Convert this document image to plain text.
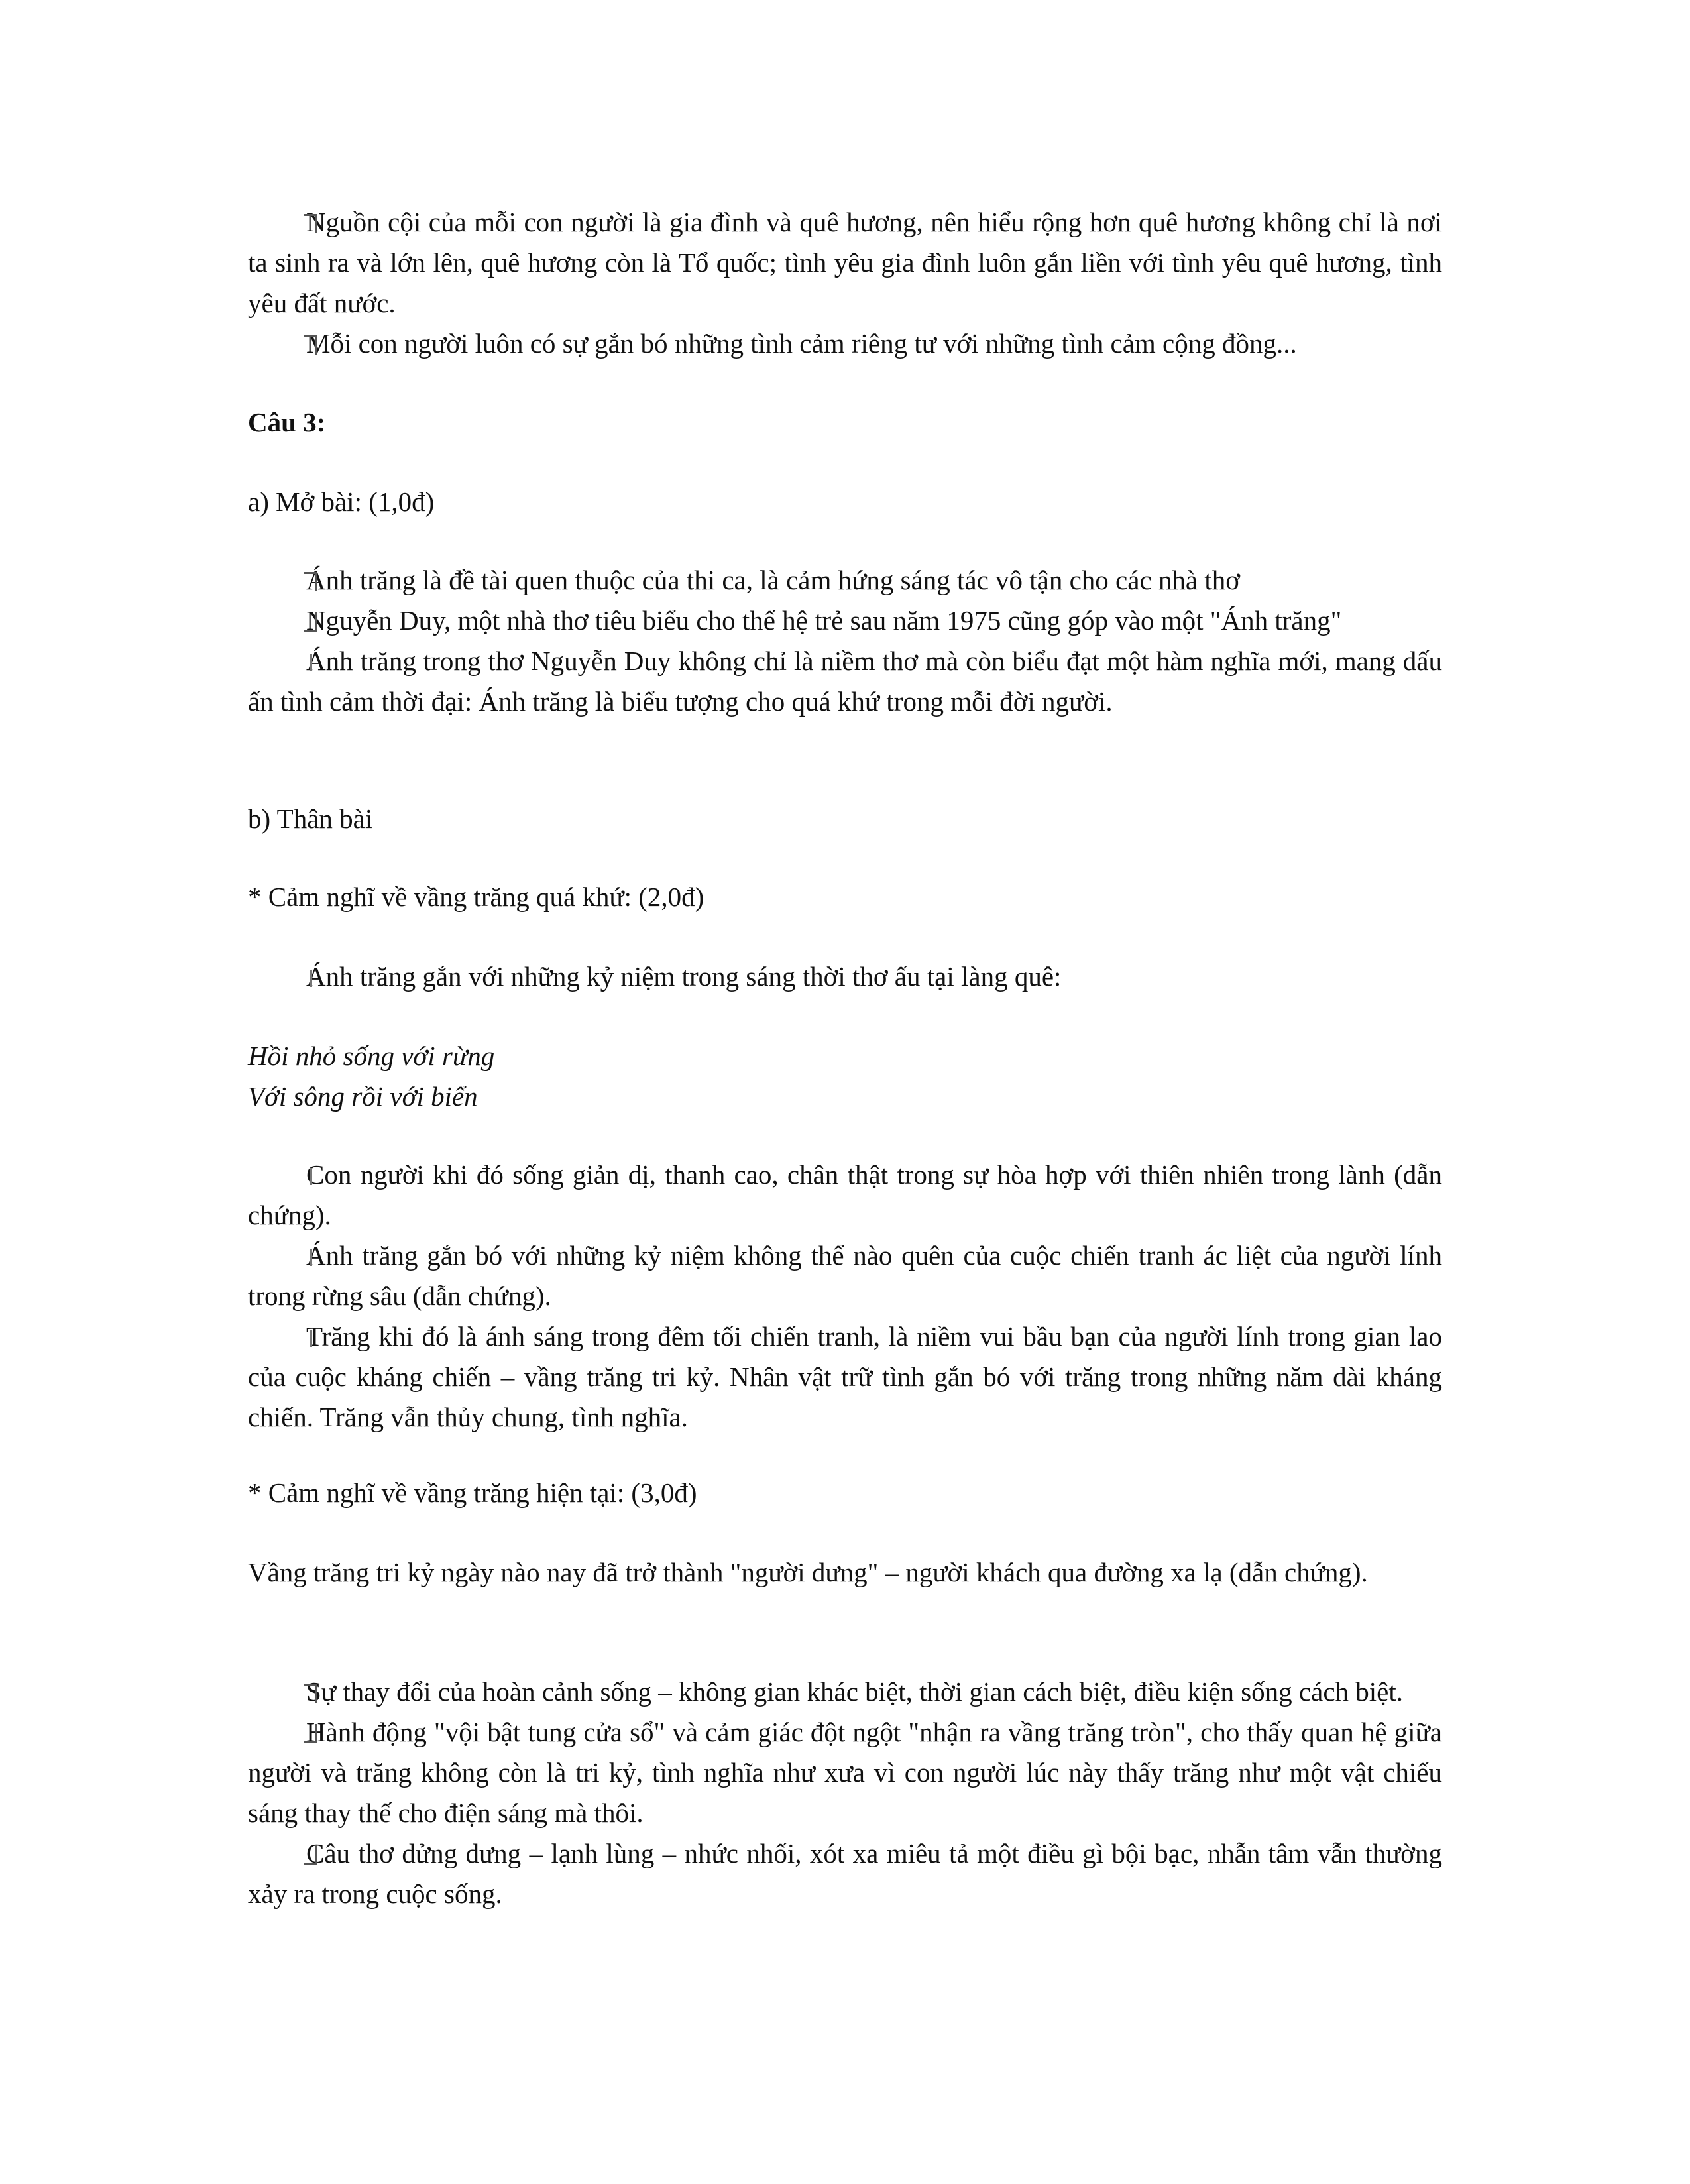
Nguồn cội của mỗi con người là gia đình và quê hương, nên hiểu rộng hơn quê hương không chỉ là nơi ta sinh ra và lớn lên, quê hương còn là Tổ quốc; tình yêu gia đình luôn gắn liền với tình yêu quê hương, tình yêu đất nước.

Mỗi con người luôn có sự gắn bó những tình cảm riêng tư với những tình cảm cộng đồng...

Câu 3:

a) Mở bài: (1,0đ)

Ánh trăng là đề tài quen thuộc của thi ca, là cảm hứng sáng tác vô tận cho các nhà thơ

Nguyễn Duy, một nhà thơ tiêu biểu cho thế hệ trẻ sau năm 1975 cũng góp vào một "Ánh trăng"

Ánh trăng trong thơ Nguyễn Duy không chỉ là niềm thơ mà còn biểu đạt một hàm nghĩa mới, mang dấu ấn tình cảm thời đại: Ánh trăng là biểu tượng cho quá khứ trong mỗi đời người.

b) Thân bài

* Cảm nghĩ về vầng trăng quá khứ: (2,0đ)

Ánh trăng gắn với những kỷ niệm trong sáng thời thơ ấu tại làng quê:

Hồi nhỏ sống với rừng

Với sông rồi với biển

Con người khi đó sống giản dị, thanh cao, chân thật trong sự hòa hợp với thiên nhiên trong lành (dẫn chứng).

Ánh trăng gắn bó với những kỷ niệm không thể nào quên của cuộc chiến tranh ác liệt của người lính trong rừng sâu (dẫn chứng).

Trăng khi đó là ánh sáng trong đêm tối chiến tranh, là niềm vui bầu bạn của người lính trong gian lao của cuộc kháng chiến – vầng trăng tri kỷ. Nhân vật trữ tình gắn bó với trăng trong những năm dài kháng chiến. Trăng vẫn thủy chung, tình nghĩa.

* Cảm nghĩ về vầng trăng hiện tại: (3,0đ)

Vầng trăng tri kỷ ngày nào nay đã trở thành "người dưng" – người khách qua đường xa lạ (dẫn chứng).

Sự thay đổi của hoàn cảnh sống – không gian khác biệt, thời gian cách biệt, điều kiện sống cách biệt.

Hành động "vội bật tung cửa sổ" và cảm giác đột ngột "nhận ra vầng trăng tròn", cho thấy quan hệ giữa người và trăng không còn là tri kỷ, tình nghĩa như xưa vì con người lúc này thấy trăng như một vật chiếu sáng thay thế cho điện sáng mà thôi.

Câu thơ dửng dưng – lạnh lùng – nhức nhối, xót xa miêu tả một điều gì bội bạc, nhẫn tâm vẫn thường xảy ra trong cuộc sống.
